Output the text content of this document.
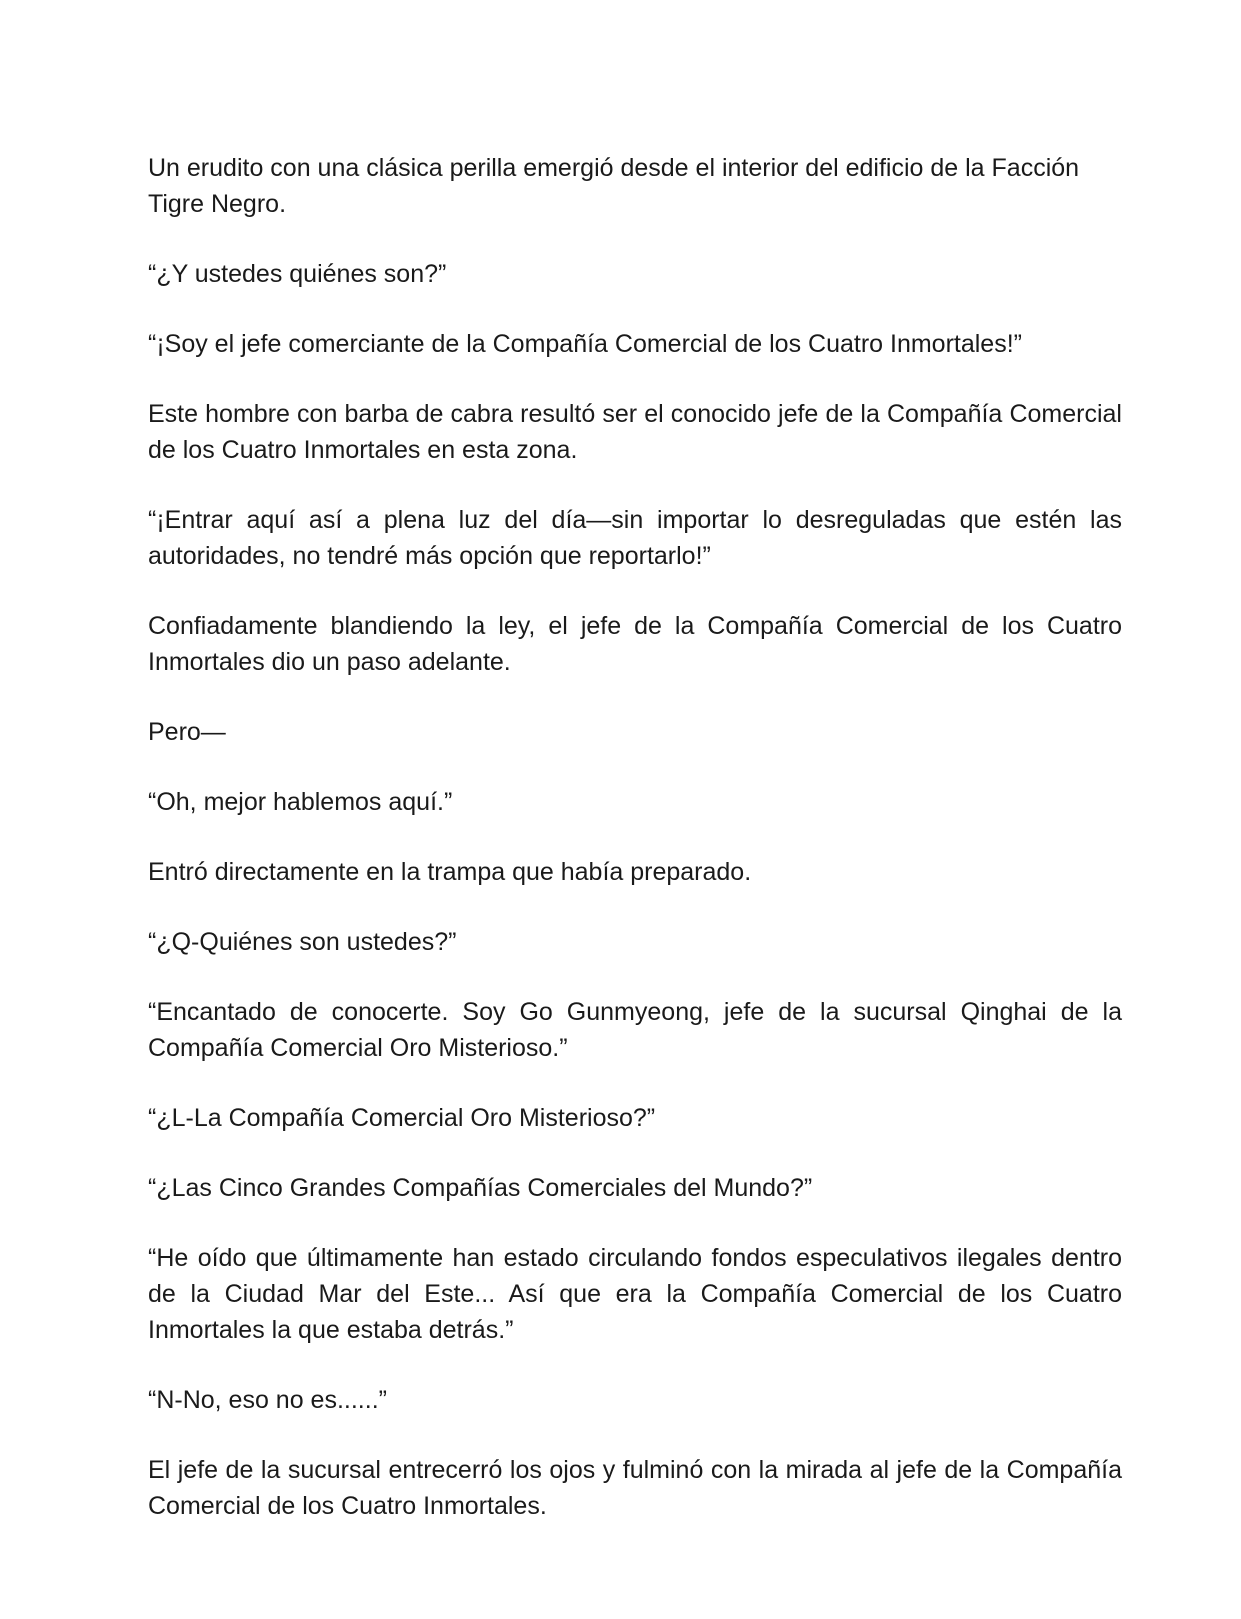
Un erudito con una clásica perilla emergió desde el interior del edificio de la Facción Tigre Negro.

“¿Y ustedes quiénes son?”

“¡Soy el jefe comerciante de la Compañía Comercial de los Cuatro Inmortales!”

Este hombre con barba de cabra resultó ser el conocido jefe de la Compañía Comercial de los Cuatro Inmortales en esta zona.

“¡Entrar aquí así a plena luz del día—sin importar lo desreguladas que estén las autoridades, no tendré más opción que reportarlo!”

Confiadamente blandiendo la ley, el jefe de la Compañía Comercial de los Cuatro Inmortales dio un paso adelante.

Pero—

“Oh, mejor hablemos aquí.”

Entró directamente en la trampa que había preparado.

“¿Q-Quiénes son ustedes?”

“Encantado de conocerte. Soy Go Gunmyeong, jefe de la sucursal Qinghai de la Compañía Comercial Oro Misterioso.”

“¿L-La Compañía Comercial Oro Misterioso?”

“¿Las Cinco Grandes Compañías Comerciales del Mundo?”

“He oído que últimamente han estado circulando fondos especulativos ilegales dentro de la Ciudad Mar del Este... Así que era la Compañía Comercial de los Cuatro Inmortales la que estaba detrás.”

“N-No, eso no es......”

El jefe de la sucursal entrecerró los ojos y fulminó con la mirada al jefe de la Compañía Comercial de los Cuatro Inmortales.
